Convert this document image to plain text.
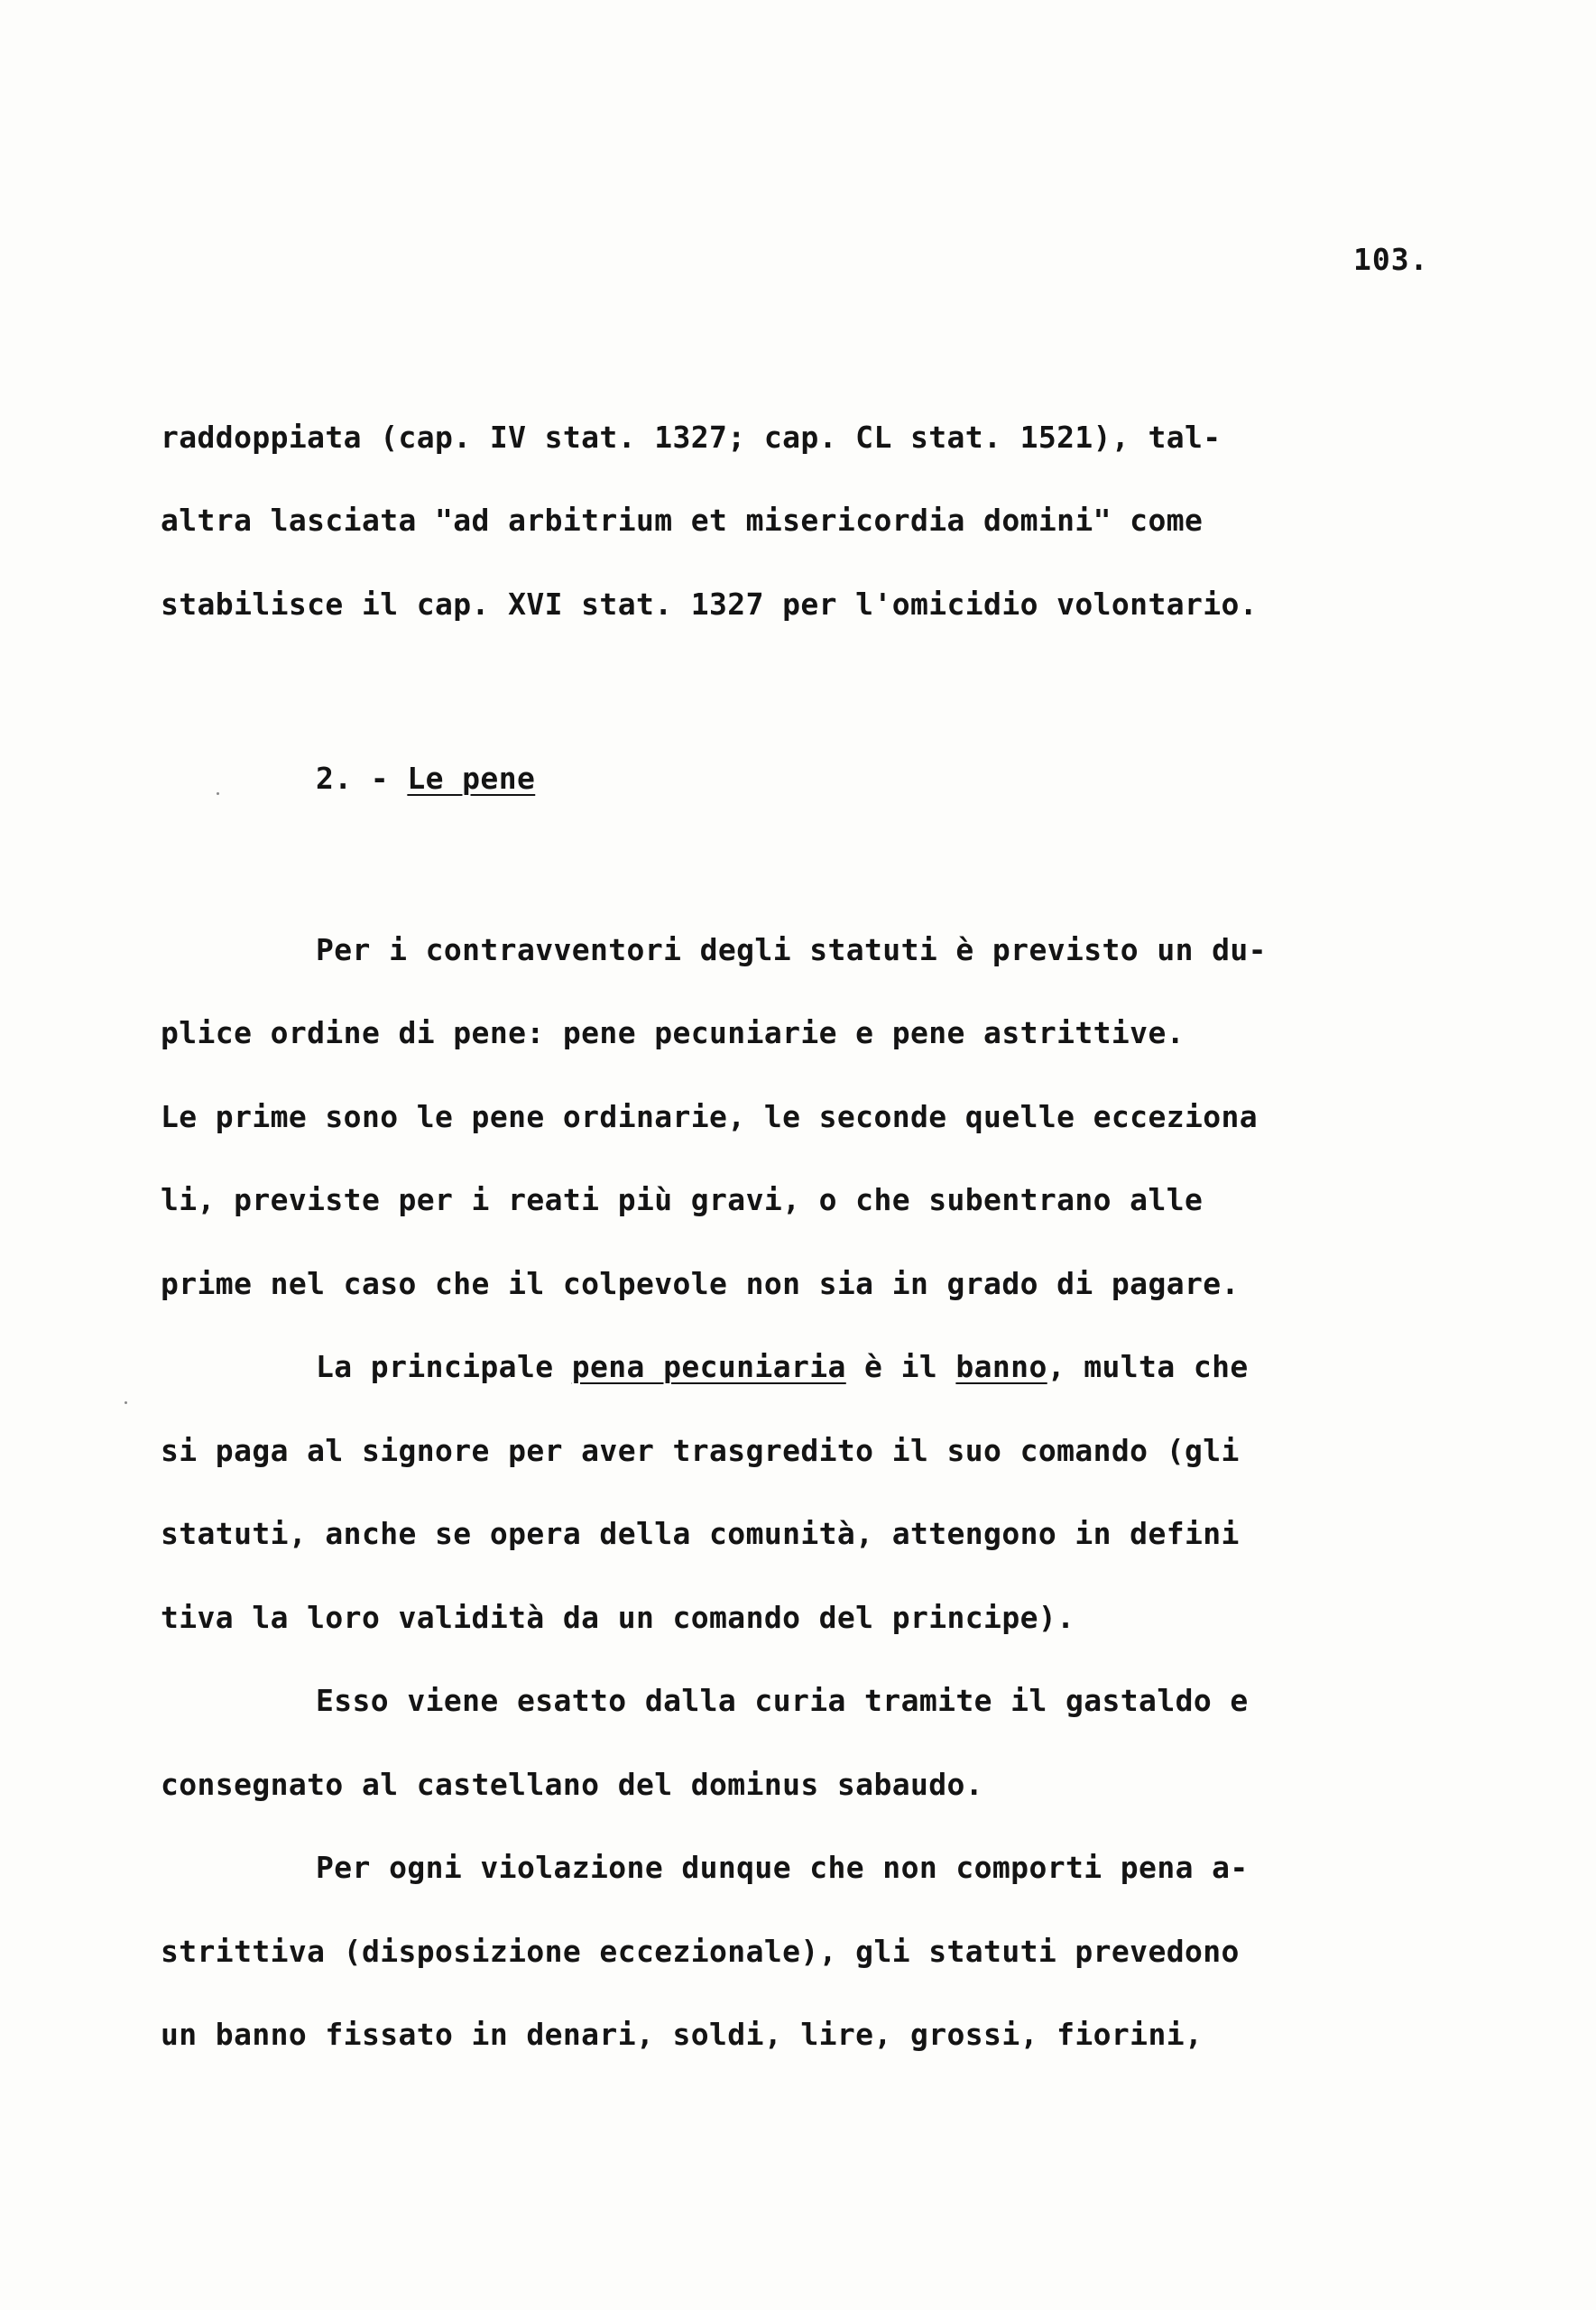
103.
raddoppiata (cap. IV stat. 1327; cap. CL stat. 1521), tal-
altra lasciata "ad arbitrium et misericordia domini" come
stabilisce il cap. XVI stat. 1327 per l'omicidio volontario.
2. - Le pene
Per i contravventori degli statuti è previsto un du-
plice ordine di pene: pene pecuniarie e pene astrittive.
Le prime sono le pene ordinarie, le seconde quelle eccezionа
li, previste per i reati più gravi, o che subentrano alle
prime nel caso che il colpevole non sia in grado di pagare.
La principale pena pecuniaria è il banno, multa che
si paga al signore per aver trasgredito il suo comando (gli
statuti, anche se opera della comunità, attengono in defini
tiva la loro validità da un comando del principe).
Esso viene esatto dalla curia tramite il gastaldo e
consegnato al castellano del dominus sabaudo.
Per ogni violazione dunque che non comporti pena a-
strittiva (disposizione eccezionale), gli statuti prevedono
un banno fissato in denari, soldi, lire, grossi, fiorini,
